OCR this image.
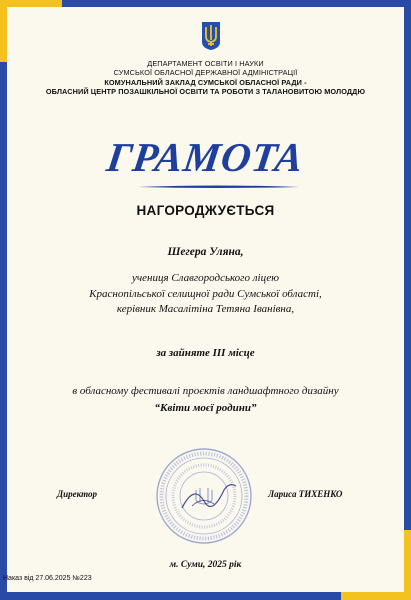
ДЕПАРТАМЕНТ ОСВІТИ І НАУКИ
СУМСЬКОЇ ОБЛАСНОЇ ДЕРЖАВНОЇ АДМІНІСТРАЦІЇ
КОМУНАЛЬНИЙ ЗАКЛАД СУМСЬКОЇ ОБЛАСНОЇ РАДИ -
ОБЛАСНИЙ ЦЕНТР ПОЗАШКІЛЬНОЇ ОСВІТИ ТА РОБОТИ З ТАЛАНОВИТОЮ МОЛОДДЮ
ГРАМОТА
НАГОРОДЖУЄТЬСЯ
Шегера Уляна,
учениця Славгородського ліцею
Краснопільської селищної ради Сумської області,
керівник Масалітіна Тетяна Іванівна,
за зайняте ІІІ місце
в обласному фестивалі проєктів ландшафтного дизайну
“Квіти моєї родини”
Директор	Лариса ТИХЕНКО
м. Суми, 2025 рік
Наказ від 27.06.2025 №223
